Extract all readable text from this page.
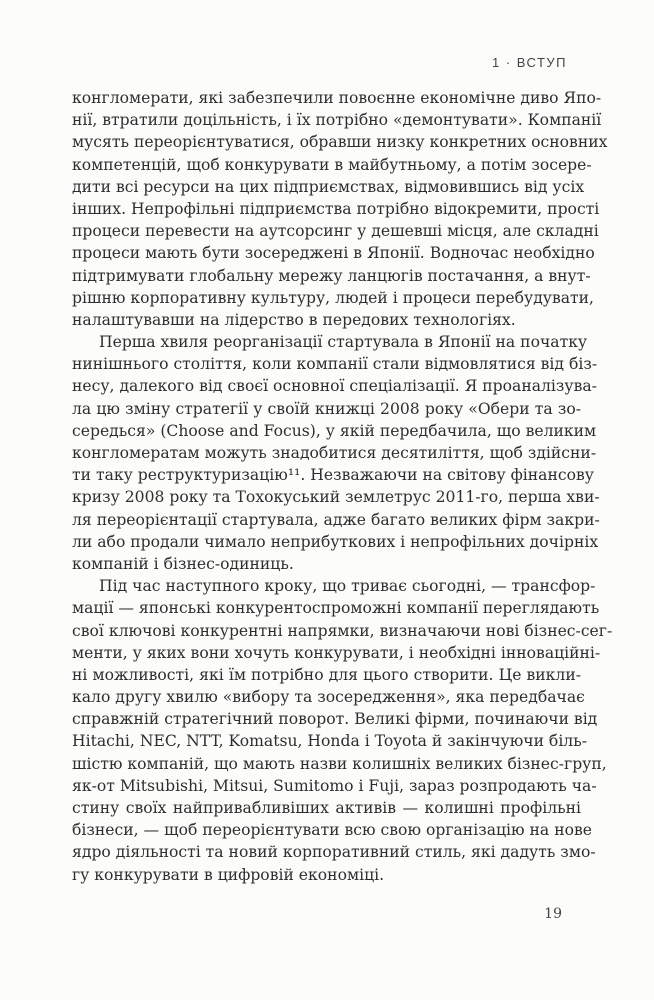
1 · ВСТУП
конгломерати, які забезпечили повоєнне економічне диво Япо-
нії, втратили доцільність, і їх потрібно «демонтувати». Компанії
мусять переорієнтуватися, обравши низку конкретних основних
компетенцій, щоб конкурувати в майбутньому, а потім зосере-
дити всі ресурси на цих підприємствах, відмовившись від усіх
інших. Непрофільні підприємства потрібно відокремити, прості
процеси перевести на аутсорсинг у дешевші місця, але складні
процеси мають бути зосереджені в Японії. Водночас необхідно
підтримувати глобальну мережу ланцюгів постачання, а внут-
рішню корпоративну культуру, людей і процеси перебудувати,
налаштувавши на лідерство в передових технологіях.
Перша хвиля реорганізації стартувала в Японії на початку
нинішнього століття, коли компанії стали відмовлятися від біз-
несу, далекого від своєї основної спеціалізації. Я проаналізува-
ла цю зміну стратегії у своїй книжці 2008 року «Обери та зо-
середься» (Choose and Focus), у якій передбачила, що великим
конгломератам можуть знадобитися десятиліття, щоб здійсни-
ти таку реструктуризацію¹¹. Незважаючи на світову фінансову
кризу 2008 року та Тохокуський землетрус 2011-го, перша хви-
ля переорієнтації стартувала, адже багато великих фірм закри-
ли або продали чимало неприбуткових і непрофільних дочірніх
компаній і бізнес-одиниць.
Під час наступного кроку, що триває сьогодні, — трансфор-
мації — японські конкурентоспроможні компанії переглядають
свої ключові конкурентні напрямки, визначаючи нові бізнес-сег-
менти, у яких вони хочуть конкурувати, і необхідні інноваційні-
ні можливості, які їм потрібно для цього створити. Це викли-
кало другу хвилю «вибору та зосередження», яка передбачає
справжній стратегічний поворот. Великі фірми, починаючи від
Hitachi, NEC, NTT, Komatsu, Honda і Toyota й закінчуючи біль-
шістю компаній, що мають назви колишніх великих бізнес-груп,
як-от Mitsubishi, Mitsui, Sumitomo і Fuji, зараз розпродають ча-
стину своїх найпривабливіших активів — колишні профільні
бізнеси, — щоб переорієнтувати всю свою організацію на нове
ядро діяльності та новий корпоративний стиль, які дадуть змо-
гу конкурувати в цифровій економіці.
19
